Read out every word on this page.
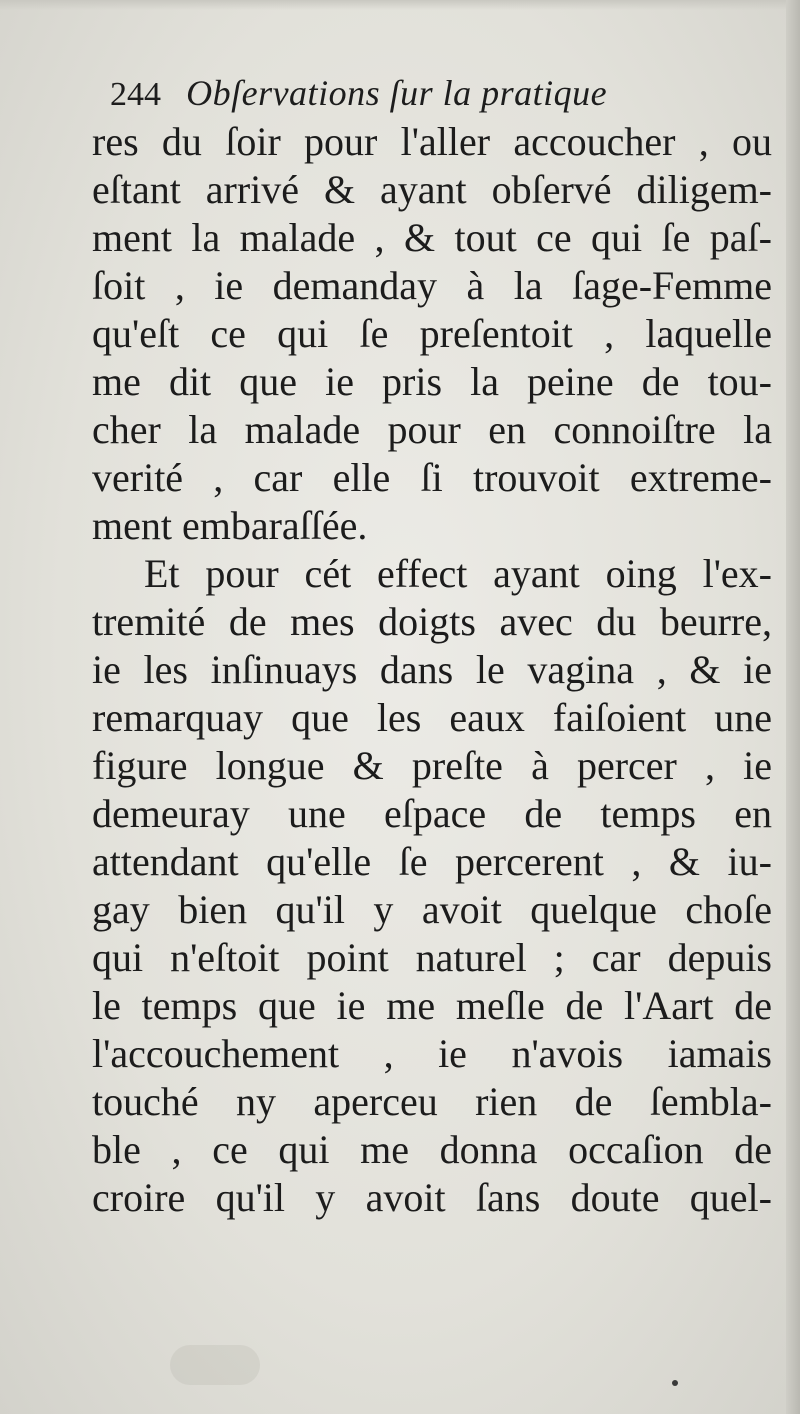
244 Obſervations ſur la pratique
res du ſoir pour l'aller accoucher , ou
eſtant arrivé & ayant obſervé diligem-
ment la malade , & tout ce qui ſe paſ-
ſoit , ie demanday à la ſage-Femme
qu'eſt ce qui ſe preſentoit , laquelle
me dit que ie pris la peine de tou-
cher la malade pour en connoiſtre la
verité , car elle ſi trouvoit extreme-
ment embaraſſée.
Et pour cét effect ayant oing l'ex-
tremité de mes doigts avec du beurre,
ie les inſinuays dans le vagina , & ie
remarquay que les eaux faiſoient une
figure longue & preſte à percer , ie
demeuray une eſpace de temps en
attendant qu'elle ſe percerent , & iu-
gay bien qu'il y avoit quelque choſe
qui n'eſtoit point naturel ; car depuis
le temps que ie me meſle de l'Aart de
l'accouchement , ie n'avois iamais
touché ny aperceu rien de ſembla-
ble , ce qui me donna occaſion de
croire qu'il y avoit ſans doute quel-
